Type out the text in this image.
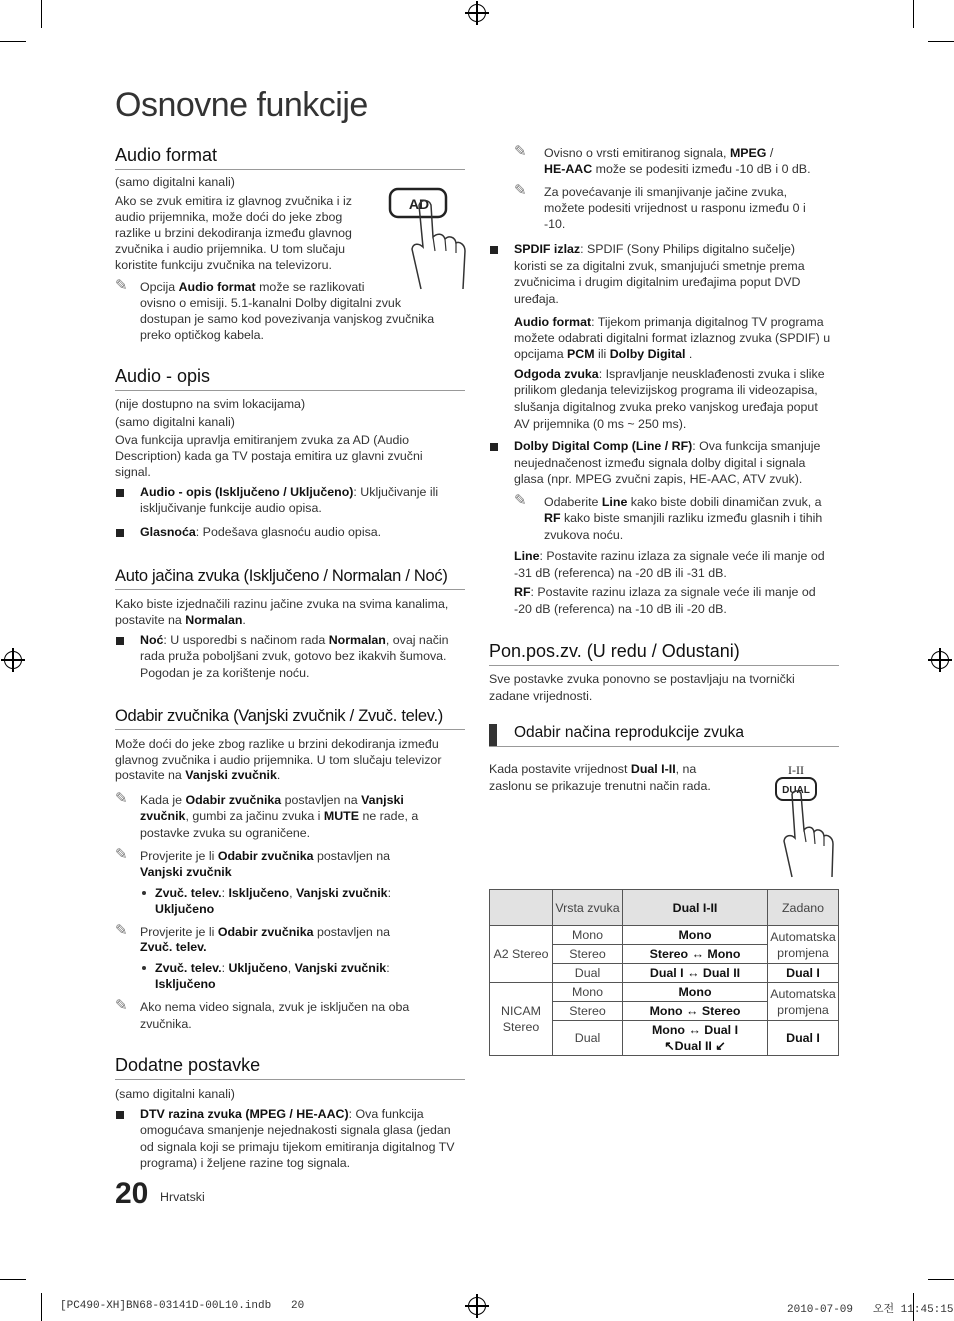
Osnovne funkcije
Audio format
(samo digitalni kanali)
Ako se zvuk emitira iz glavnog zvučnika i iz
audio prijemnika, može doći do jeke zbog
razlike u brzini dekodiranja između glavnog
zvučnika i audio prijemnika. U tom slučaju
koristite funkciju zvučnika na televizoru.
AD
✎ Opcija Audio format može se razlikovati
ovisno o emisiji. 5.1-kanalni Dolby digitalni zvuk
dostupan je samo kod povezivanja vanjskog zvučnika
preko optičkog kabela.
Audio - opis
(nije dostupno na svim lokacijama)
(samo digitalni kanali)
Ova funkcija upravlja emitiranjem zvuka za AD (Audio
Description) kada ga TV postaja emitira uz glavni zvučni
signal.
Audio - opis (Isključeno / Uključeno): Uključivanje ili
isključivanje funkcije audio opisa.
Glasnoća: Podešava glasnoću audio opisa.
Auto jačina zvuka (Isključeno / Normalan / Noć)
Kako biste izjednačili razinu jačine zvuka na svima kanalima,
postavite na Normalan.
Noć: U usporedbi s načinom rada Normalan, ovaj način
rada pruža poboljšani zvuk, gotovo bez ikakvih šumova.
Pogodan je za korištenje noću.
Odabir zvučnika (Vanjski zvučnik / Zvuč. telev.)
Može doći do jeke zbog razlike u brzini dekodiranja između
glavnog zvučnika i audio prijemnika. U tom slučaju televizor
postavite na Vanjski zvučnik.
✎ Kada je Odabir zvučnika postavljen na Vanjski
zvučnik, gumbi za jačinu zvuka i MUTE ne rade, a
postavke zvuka su ograničene.
✎ Provjerite je li Odabir zvučnika postavljen na
Vanjski zvučnik
Zvuč. telev.: Isključeno, Vanjski zvučnik:
Uključeno
✎ Provjerite je li Odabir zvučnika postavljen na
Zvuč. telev.
Zvuč. telev.: Uključeno, Vanjski zvučnik:
Isključeno
✎ Ako nema video signala, zvuk je isključen na oba
zvučnika.
Dodatne postavke
(samo digitalni kanali)
DTV razina zvuka (MPEG / HE-AAC): Ova funkcija
omogućava smanjenje nejednakosti signala glasa (jedan
od signala koji se primaju tijekom emitiranja digitalnog TV
programa) i željene razine tog signala.
20 Hrvatski
✎ Ovisno o vrsti emitiranog signala, MPEG /
HE-AAC može se podesiti između -10 dB i 0 dB.
✎ Za povećavanje ili smanjivanje jačine zvuka,
možete podesiti vrijednost u rasponu između 0 i
-10.
SPDIF izlaz: SPDIF (Sony Philips digitalno sučelje)
koristi se za digitalni zvuk, smanjujući smetnje prema
zvučnicima i drugim digitalnim uređajima poput DVD
uređaja.
Audio format: Tijekom primanja digitalnog TV programa
možete odabrati digitalni format izlaznog zvuka (SPDIF) u
opcijama PCM ili Dolby Digital .
Odgoda zvuka: Ispravljanje neusklađenosti zvuka i slike
prilikom gledanja televizijskog programa ili videozapisa,
slušanja digitalnog zvuka preko vanjskog uređaja poput
AV prijemnika (0 ms ~ 250 ms).
Dolby Digital Comp (Line / RF): Ova funkcija smanjuje
neujednačenost između signala dolby digital i signala
glasa (npr. MPEG zvučni zapis, HE-AAC, ATV zvuk).
✎ Odaberite Line kako biste dobili dinamičan zvuk, a
RF kako biste smanjili razliku između glasnih i tihih
zvukova noću.
Line: Postavite razinu izlaza za signale veće ili manje od
-31 dB (referenca) na -20 dB ili -31 dB.
RF: Postavite razinu izlaza za signale veće ili manje od
-20 dB (referenca) na -10 dB ili -20 dB.
Pon.pos.zv. (U redu / Odustani)
Sve postavke zvuka ponovno se postavljaju na tvornički
zadane vrijednosti.
Odabir načina reprodukcije zvuka
Kada postavite vrijednost Dual I-II, na
zaslonu se prikazuje trenutni način rada.
I-II
DUAL
	Vrsta zvuka	Dual I-II	Zadano
A2 Stereo	Mono	Mono	Automatska promjena
	Stereo	Stereo ↔ Mono	
	Dual	Dual I ↔ Dual II	Dual I
NICAM Stereo	Mono	Mono	Automatska promjena
	Stereo	Mono ↔ Stereo	
	Dual	Mono ↔ Dual I
↖Dual II ↙	Dual I
[PC490-XH]BN68-03141D-00L10.indb   20	2010-07-09   오전 11:45:15
